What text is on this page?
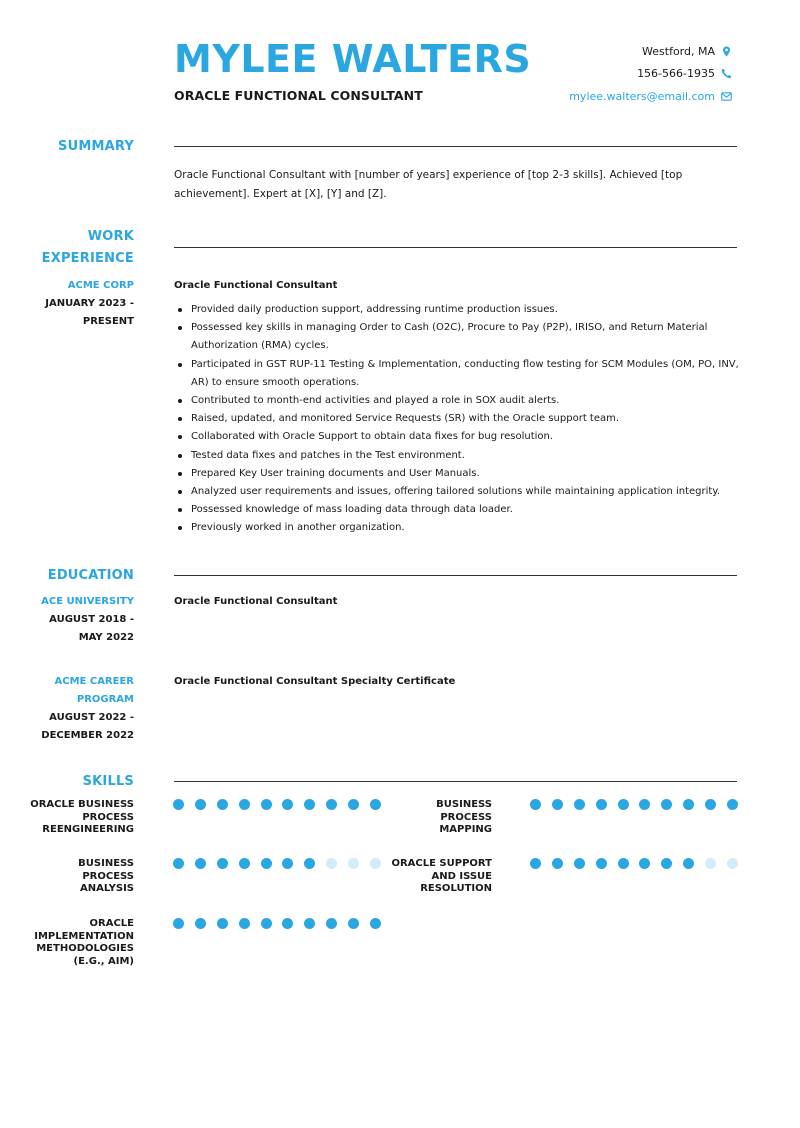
MYLEE WALTERS
ORACLE FUNCTIONAL CONSULTANT
Westford, MA
156-566-1935
mylee.walters@email.com
SUMMARY

Oracle Functional Consultant with [number of years] experience of [top 2-3 skills]. Achieved [top achievement]. Expert at [X], [Y] and [Z].

WORK
EXPERIENCE
ACME CORP
JANUARY 2023 -
PRESENT
Oracle Functional Consultant
Provided daily production support, addressing runtime production issues.
Possessed key skills in managing Order to Cash (O2C), Procure to Pay (P2P), IRISO, and Return Material Authorization (RMA) cycles.
Participated in GST RUP-11 Testing & Implementation, conducting flow testing for SCM Modules (OM, PO, INV, AR) to ensure smooth operations.
Contributed to month-end activities and played a role in SOX audit alerts.
Raised, updated, and monitored Service Requests (SR) with the Oracle support team.
Collaborated with Oracle Support to obtain data fixes for bug resolution.
Tested data fixes and patches in the Test environment.
Prepared Key User training documents and User Manuals.
Analyzed user requirements and issues, offering tailored solutions while maintaining application integrity.
Possessed knowledge of mass loading data through data loader.
Previously worked in another organization.
EDUCATION
ACE UNIVERSITY
AUGUST 2018 -
MAY 2022
Oracle Functional Consultant
ACME CAREER
PROGRAM
AUGUST 2022 -
DECEMBER 2022
Oracle Functional Consultant Specialty Certificate
SKILLS
ORACLE BUSINESS
PROCESS
REENGINEERING
BUSINESS PROCESS
MAPPING
BUSINESS PROCESS
ANALYSIS
ORACLE SUPPORT
AND ISSUE
RESOLUTION
ORACLE
IMPLEMENTATION
METHODOLOGIES
(E.G., AIM)
